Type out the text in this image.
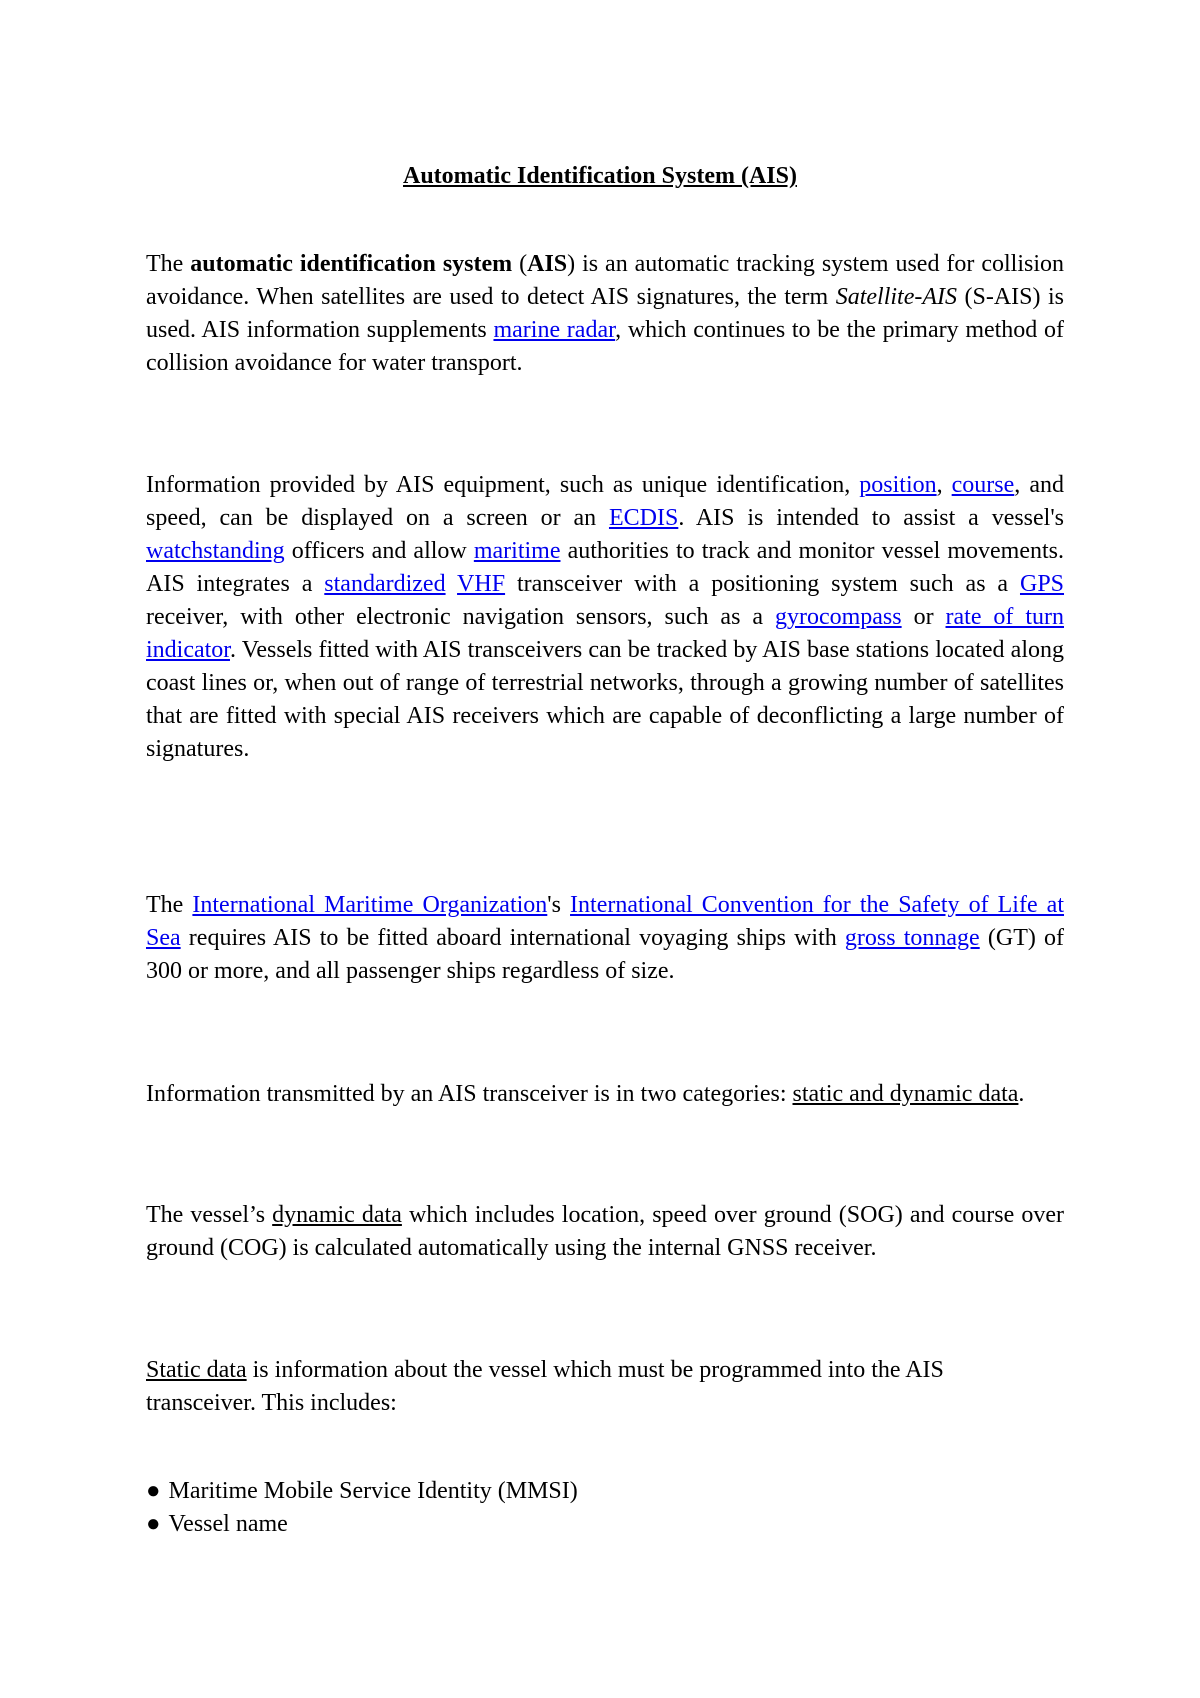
Automatic Identification System (AIS)

The automatic identification system (AIS) is an automatic tracking system used for collision avoidance. When satellites are used to detect AIS signatures, the term Satellite-AIS (S-AIS) is used. AIS information supplements marine radar, which continues to be the primary method of collision avoidance for water transport.

Information provided by AIS equipment, such as unique identification, position, course, and speed, can be displayed on a screen or an ECDIS. AIS is intended to assist a vessel's watchstanding officers and allow maritime authorities to track and monitor vessel movements. AIS integrates a standardized VHF transceiver with a positioning system such as a GPS receiver, with other electronic navigation sensors, such as a gyrocompass or rate of turn indicator. Vessels fitted with AIS transceivers can be tracked by AIS base stations located along coast lines or, when out of range of terrestrial networks, through a growing number of satellites that are fitted with special AIS receivers which are capable of deconflicting a large number of signatures.

The International Maritime Organization's International Convention for the Safety of Life at Sea requires AIS to be fitted aboard international voyaging ships with gross tonnage (GT) of 300 or more, and all passenger ships regardless of size.

Information transmitted by an AIS transceiver is in two categories: static and dynamic data.

The vessel’s dynamic data which includes location, speed over ground (SOG) and course over ground (COG) is calculated automatically using the internal GNSS receiver.

Static data is information about the vessel which must be programmed into the AIS transceiver. This includes:

● Maritime Mobile Service Identity (MMSI)
● Vessel name
